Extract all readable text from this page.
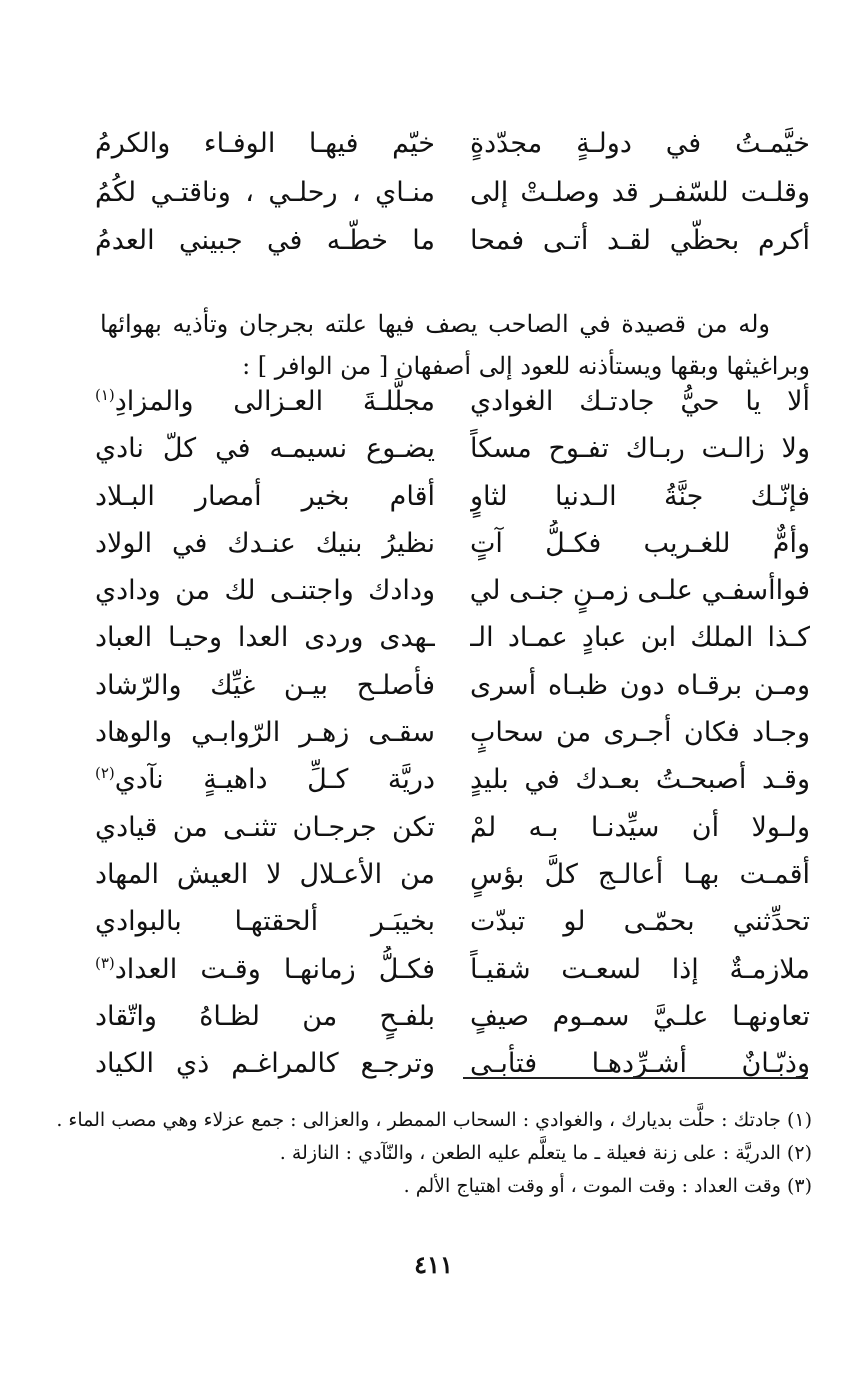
خيَّمـتُ في دولـةٍ مجدّدةٍ
خيّم فيهـا الوفـاء والكرمُ
وقلـت للسّفـر قد وصلـتْ إلى
منـاي ، رحلـي ، وناقتـي لكُمُ
أكرم بحظّي لقـد أتـى فمحا
ما خطّـه في جبيني العدمُ

وله من قصيدة في الصاحب يصف فيها علته بجرجان وتأذيه بهوائها وبراغيثها وبقها ويستأذنه للعود إلى أصفهان [ من الوافر ] :

ألا يا حيُّ جادتـك الغوادي
مجلَّلـةَ العـزالى والمزادِ$^{(١)}$
ولا زالـت ربـاك تفـوح مسكاً
يضـوع نسيمـه في كلّ نادي
فإنّـك جنَّةُ الـدنيا لثاوٍ
أقام بخير أمصار البـلاد
وأمٌّ للغـريب فكـلُّ آتٍ
نظيرُ بنيك عنـدك في الولاد
فواأسفـي علـى زمـنٍ جنـى لي
ودادك واجتنـى لك من ودادي
كـذا الملك ابن عبادٍ عمـاد الـ
ـهدى وردى العدا وحيـا العباد
ومـن برقـاه دون ظبـاه أسرى
فأصلـح بيـن غيِّك والرّشاد
وجـاد فكان أجـرى من سحابٍ
سقـى زهـر الرّوابـي والوهاد
وقـد أصبحـتُ بعـدك في بليدٍ
دريَّة كـلِّ داهيـةٍ نآدي$^{(٢)}$
ولـولا أن سيِّدنـا بـه لمْ
تكن جرجـان تثنـى من قيادي
أقمـت بهـا أعالـج كلَّ بؤسٍ
من الأعـلال لا العيش المهاد
تحدِّثني بحمّـى لو تبدّت
بخيبَـر ألحقتهـا بالبوادي
ملازمـةٌ إذا لسعـت شقيـاً
فكـلُّ زمانهـا وقـت العداد$^{(٣)}$
تعاونهـا علـيَّ سمـوم صيفٍ
بلفـحٍ من لظـاهُ واتّقاد
وذبّـانٌ أشـرِّدهـا فتأبـى
وترجـع كالمراغـم ذي الكياد
(١) جادتك : حلَّت بديارك ، والغوادي : السحاب الممطر ، والعزالى : جمع عزلاء وهي مصب الماء .
(٢) الدريَّة : على زنة فعيلة ـ ما يتعلَّم عليه الطعن ، والنّآدي : النازلة .
(٣) وقت العداد : وقت الموت ، أو وقت اهتياج الألم .
٤١١
